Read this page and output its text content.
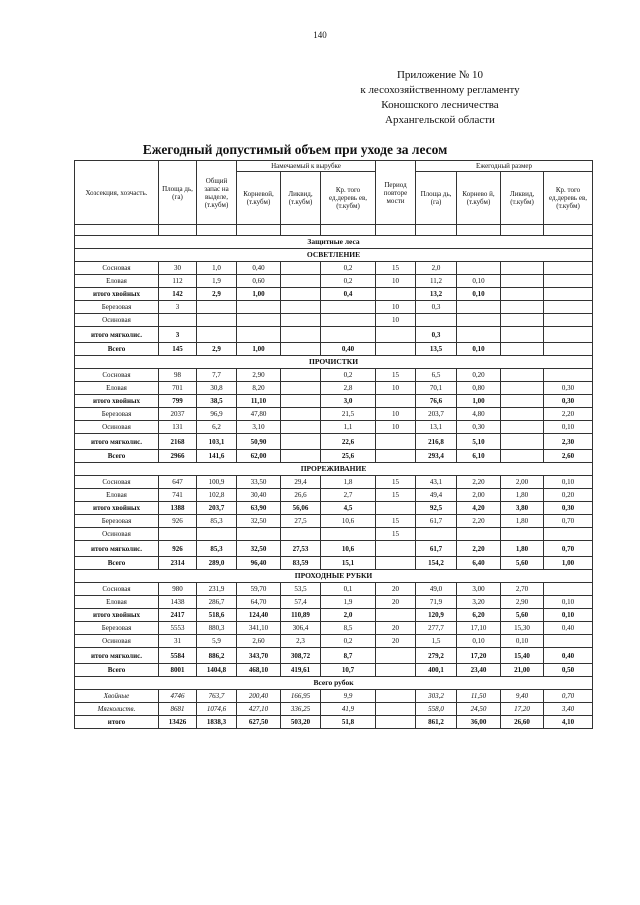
140
Приложение № 10
к лесохозяйственному регламенту
Коношского лесничества
Архангельской области
Ежегодный допустимый объем при уходе за лесом
Хозсекция, хозчасть.	Площа дь, (га)	Общий запас на выделе, (т.кубм)	Намечаемый к вырубке			Период повторе мости	Ежегодный размер			
			Корневой, (т.кубм)	Ликвид, (т.кубм)	Кр. того ед.деревь ев, (т.кубм)		Площа дь, (га)	Корнево й, (т.кубм)	Ликвид, (т.кубм)	Кр. того ед.деревь ев, (т.кубм)

Защитные леса										
ОСВЕТЛЕНИЕ										
Сосновая	30	1,0	0,40		0,2	15	2,0			
Еловая	112	1,9	0,60		0,2	10	11,2	0,10		
итого хвойных	142	2,9	1,00		0,4		13,2	0,10		
Березовая	3					10	0,3			
Осиновая						10				
итого мягколис.	3						0,3			
Всего	145	2,9	1,00		0,40		13,5	0,10		
ПРОЧИСТКИ										
Сосновая	98	7,7	2,90		0,2	15	6,5	0,20		
Еловая	701	30,8	8,20		2,8	10	70,1	0,80		0,30
итого хвойных	799	38,5	11,10		3,0		76,6	1,00		0,30
Березовая	2037	96,9	47,80		21,5	10	203,7	4,80		2,20
Осиновая	131	6,2	3,10		1,1	10	13,1	0,30		0,10
итого мягколис.	2168	103,1	50,90		22,6		216,8	5,10		2,30
Всего	2966	141,6	62,00		25,6		293,4	6,10		2,60
ПРОРЕЖИВАНИЕ										
Сосновая	647	100,9	33,50	29,4	1,8	15	43,1	2,20	2,00	0,10
Еловая	741	102,8	30,40	26,6	2,7	15	49,4	2,00	1,80	0,20
итого хвойных	1388	203,7	63,90	56,06	4,5		92,5	4,20	3,80	0,30
Березовая	926	85,3	32,50	27,5	10,6	15	61,7	2,20	1,80	0,70
Осиновая						15				
итого мягколис.	926	85,3	32,50	27,53	10,6		61,7	2,20	1,80	0,70
Всего	2314	289,0	96,40	83,59	15,1		154,2	6,40	5,60	1,00
ПРОХОДНЫЕ РУБКИ										
Сосновая	980	231,9	59,70	53,5	0,1	20	49,0	3,00	2,70	
Еловая	1438	286,7	64,70	57,4	1,9	20	71,9	3,20	2,90	0,10
итого хвойных	2417	518,6	124,40	110,89	2,0		120,9	6,20	5,60	0,10
Березовая	5553	880,3	341,10	306,4	8,5	20	277,7	17,10	15,30	0,40
Осиновая	31	5,9	2,60	2,3	0,2	20	1,5	0,10	0,10	
итого мягколис.	5584	886,2	343,70	308,72	8,7		279,2	17,20	15,40	0,40
Всего	8001	1404,8	468,10	419,61	10,7		400,1	23,40	21,00	0,50
Всего рубок										
Хвойные	4746	763,7	200,40	166,95	9,9		303,2	11,50	9,40	0,70
Мягколиств.	8681	1074,6	427,10	336,25	41,9		558,0	24,50	17,20	3,40
итого	13426	1838,3	627,50	503,20	51,8		861,2	36,00	26,60	4,10
